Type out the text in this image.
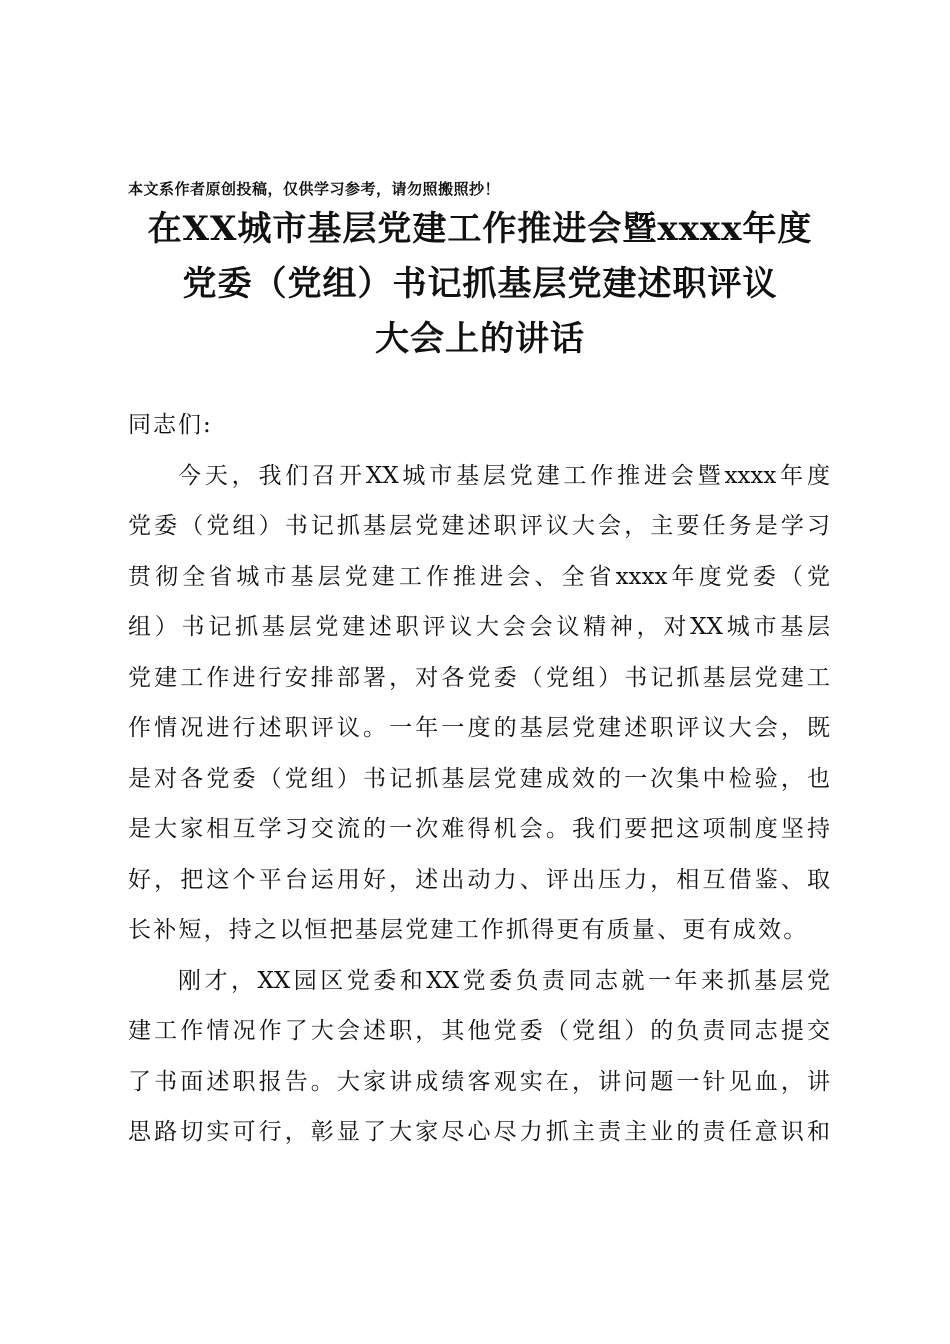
本文系作者原创投稿，仅供学习参考，请勿照搬照抄！
在XX城市基层党建工作推进会暨xxxx年度
党委（党组）书记抓基层党建述职评议
大会上的讲话
同志们:
今天，我们召开XX城市基层党建工作推进会暨xxxx年度
党委（党组）书记抓基层党建述职评议大会，主要任务是学习
贯彻全省城市基层党建工作推进会、全省xxxx年度党委（党
组）书记抓基层党建述职评议大会会议精神，对XX城市基层
党建工作进行安排部署，对各党委（党组）书记抓基层党建工
作情况进行述职评议。一年一度的基层党建述职评议大会，既
是对各党委（党组）书记抓基层党建成效的一次集中检验，也
是大家相互学习交流的一次难得机会。我们要把这项制度坚持
好，把这个平台运用好，述出动力、评出压力，相互借鉴、取
长补短，持之以恒把基层党建工作抓得更有质量、更有成效。
刚才，XX园区党委和XX党委负责同志就一年来抓基层党
建工作情况作了大会述职，其他党委（党组）的负责同志提交
了书面述职报告。大家讲成绩客观实在，讲问题一针见血，讲
思路切实可行，彰显了大家尽心尽力抓主责主业的责任意识和
